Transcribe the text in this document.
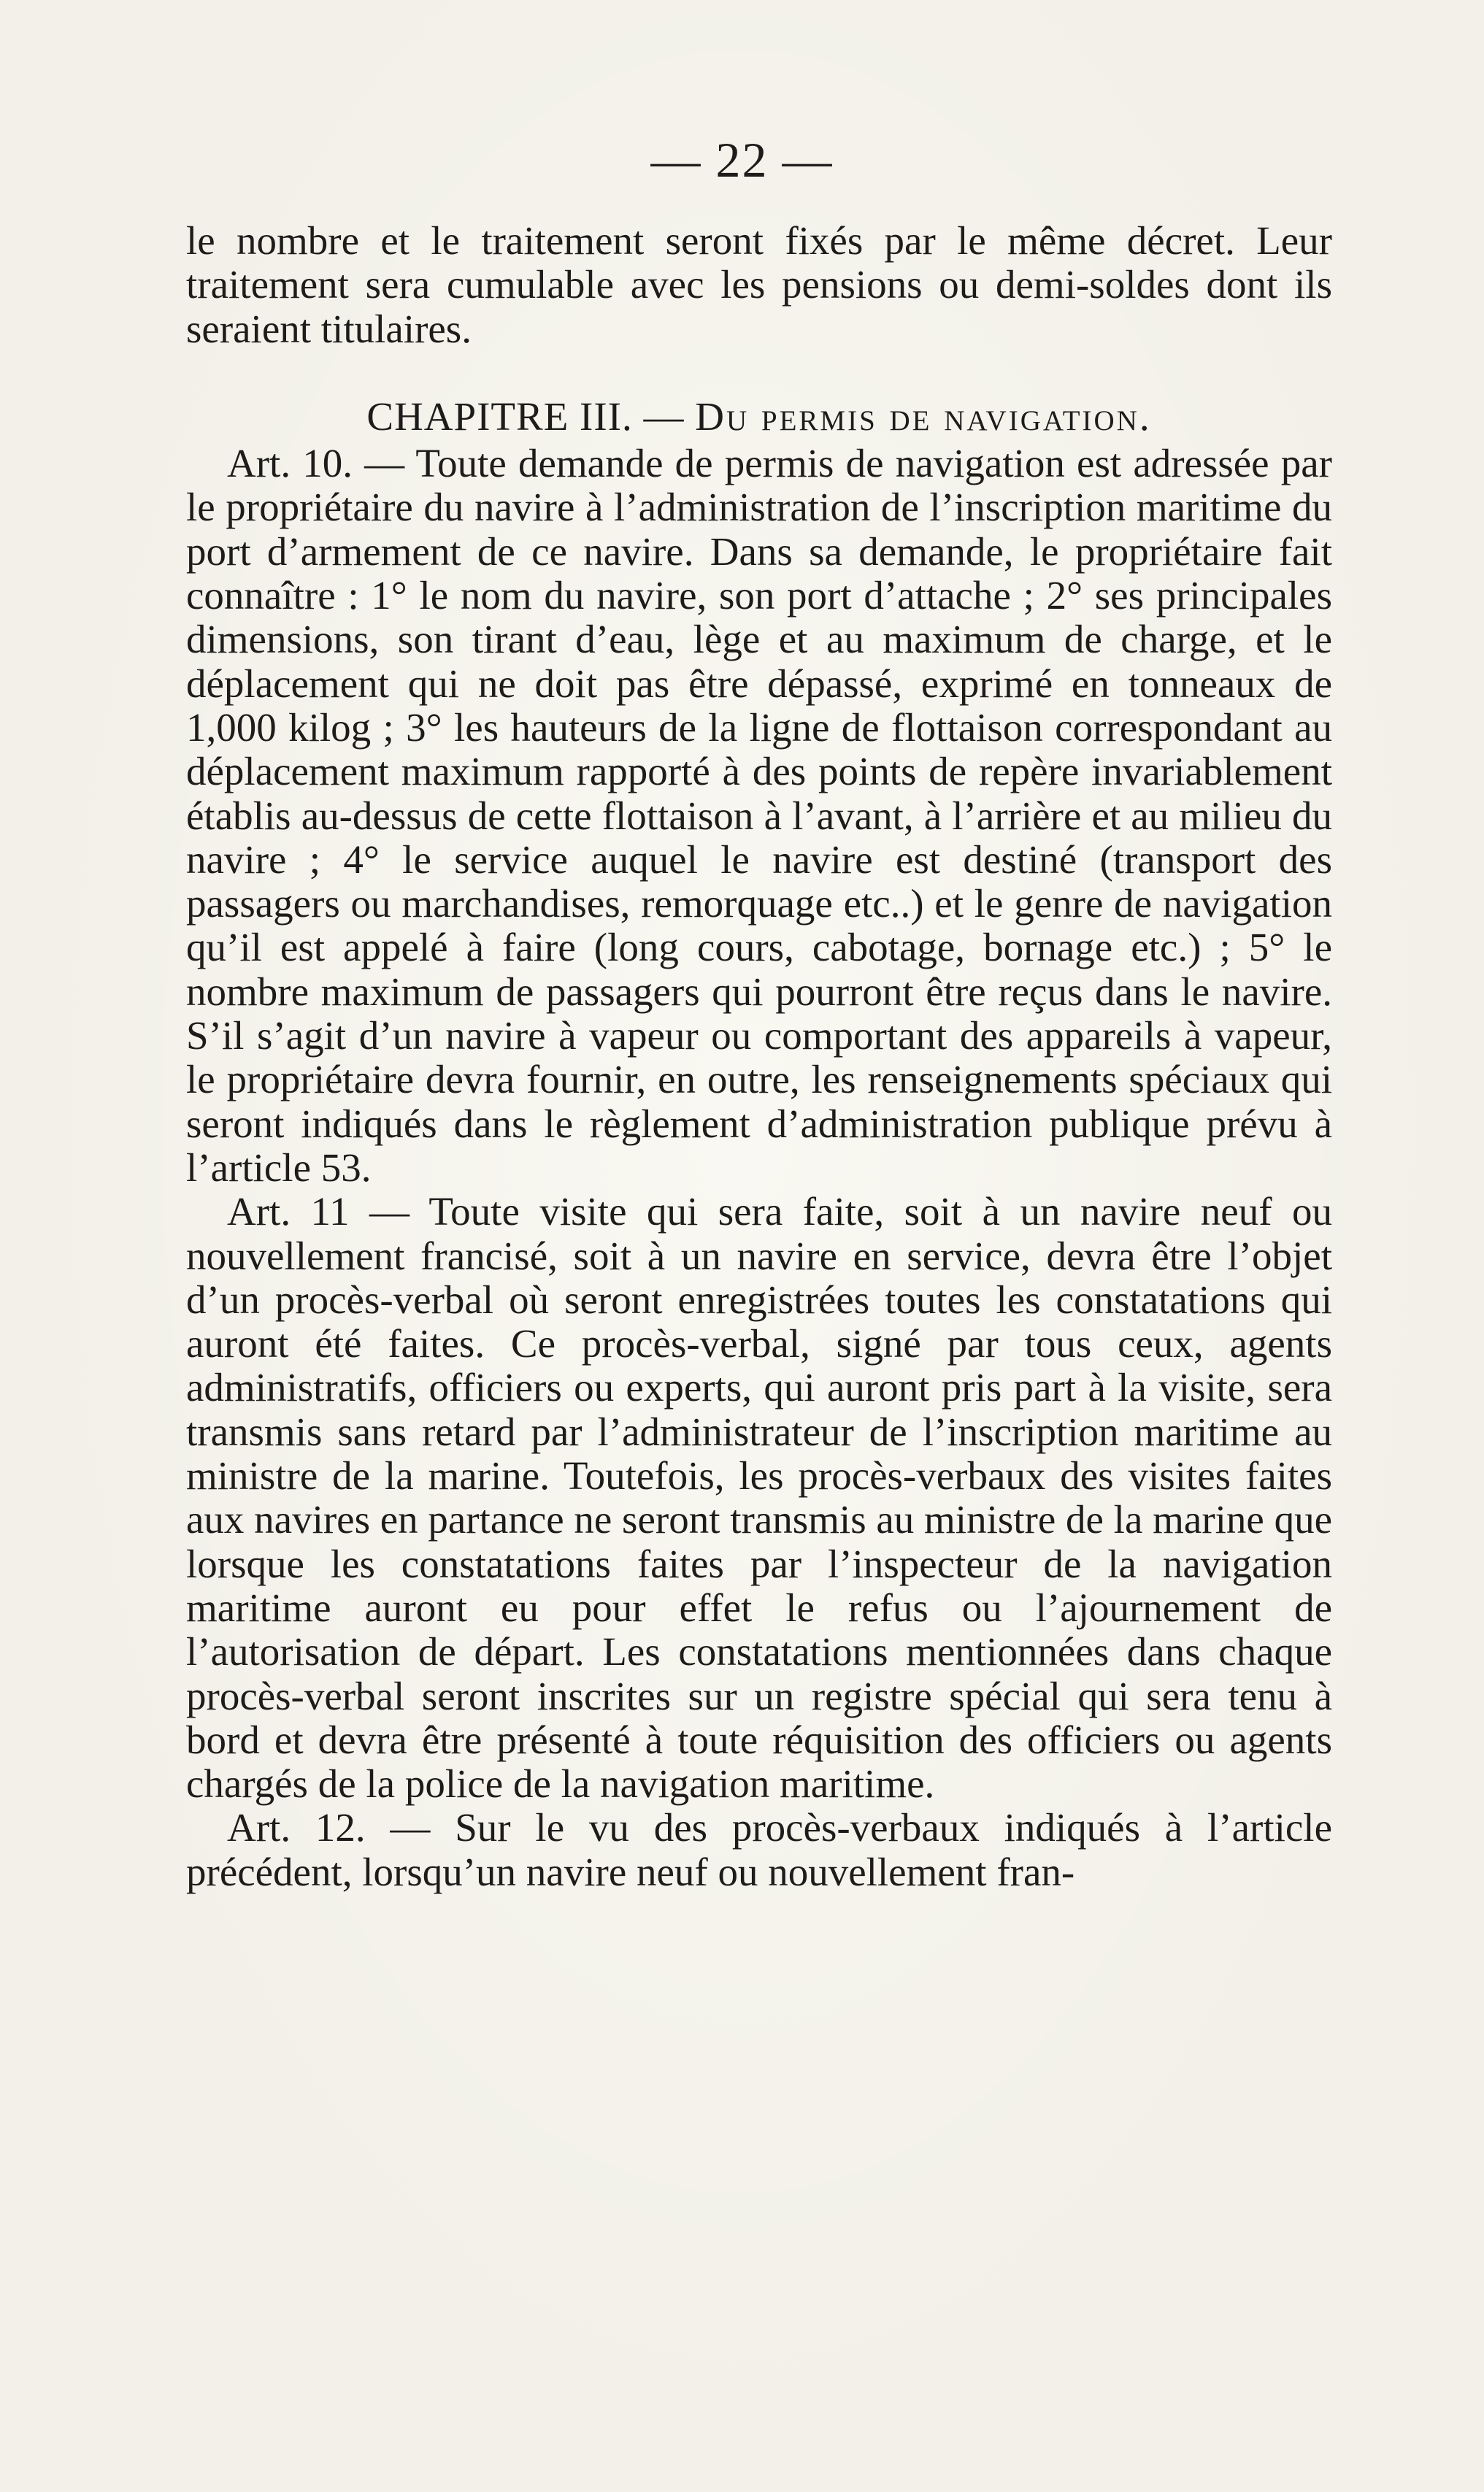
— 22 —

le nombre et le traitement seront fixés par le même décret. Leur traitement sera cumulable avec les pensions ou demi-soldes dont ils seraient titulaires.

CHAPITRE III. — Du permis de navigation.

Art. 10. — Toute demande de permis de navigation est adressée par le propriétaire du navire à l’administration de l’inscription maritime du port d’armement de ce navire. Dans sa demande, le propriétaire fait connaître : 1° le nom du navire, son port d’attache ; 2° ses principales dimensions, son tirant d’eau, lège et au maximum de charge, et le déplacement qui ne doit pas être dépassé, exprimé en tonneaux de 1,000 kilog ; 3° les hauteurs de la ligne de flottaison correspondant au déplacement maximum rapporté à des points de repère invariablement établis au-dessus de cette flottaison à l’avant, à l’arrière et au milieu du navire ; 4° le service auquel le navire est destiné (transport des passagers ou marchandises, remorquage etc..) et le genre de navigation qu’il est appelé à faire (long cours, cabotage, bornage etc.) ; 5° le nombre maximum de passagers qui pourront être reçus dans le navire. S’il s’agit d’un navire à vapeur ou comportant des appareils à vapeur, le propriétaire devra fournir, en outre, les renseignements spéciaux qui seront indiqués dans le règlement d’administration publique prévu à l’article 53.

Art. 11 — Toute visite qui sera faite, soit à un navire neuf ou nouvellement francisé, soit à un navire en service, devra être l’objet d’un procès-verbal où seront enregistrées toutes les constatations qui auront été faites. Ce procès-verbal, signé par tous ceux, agents administratifs, officiers ou experts, qui auront pris part à la visite, sera transmis sans retard par l’administrateur de l’inscription maritime au ministre de la marine. Toutefois, les procès-verbaux des visites faites aux navires en partance ne seront transmis au ministre de la marine que lorsque les constatations faites par l’inspecteur de la navigation maritime auront eu pour effet le refus ou l’ajournement de l’autorisation de départ. Les constatations mentionnées dans chaque procès-verbal seront inscrites sur un registre spécial qui sera tenu à bord et devra être présenté à toute réquisition des officiers ou agents chargés de la police de la navigation maritime.

Art. 12. — Sur le vu des procès-verbaux indiqués à l’article précédent, lorsqu’un navire neuf ou nouvellement fran-
